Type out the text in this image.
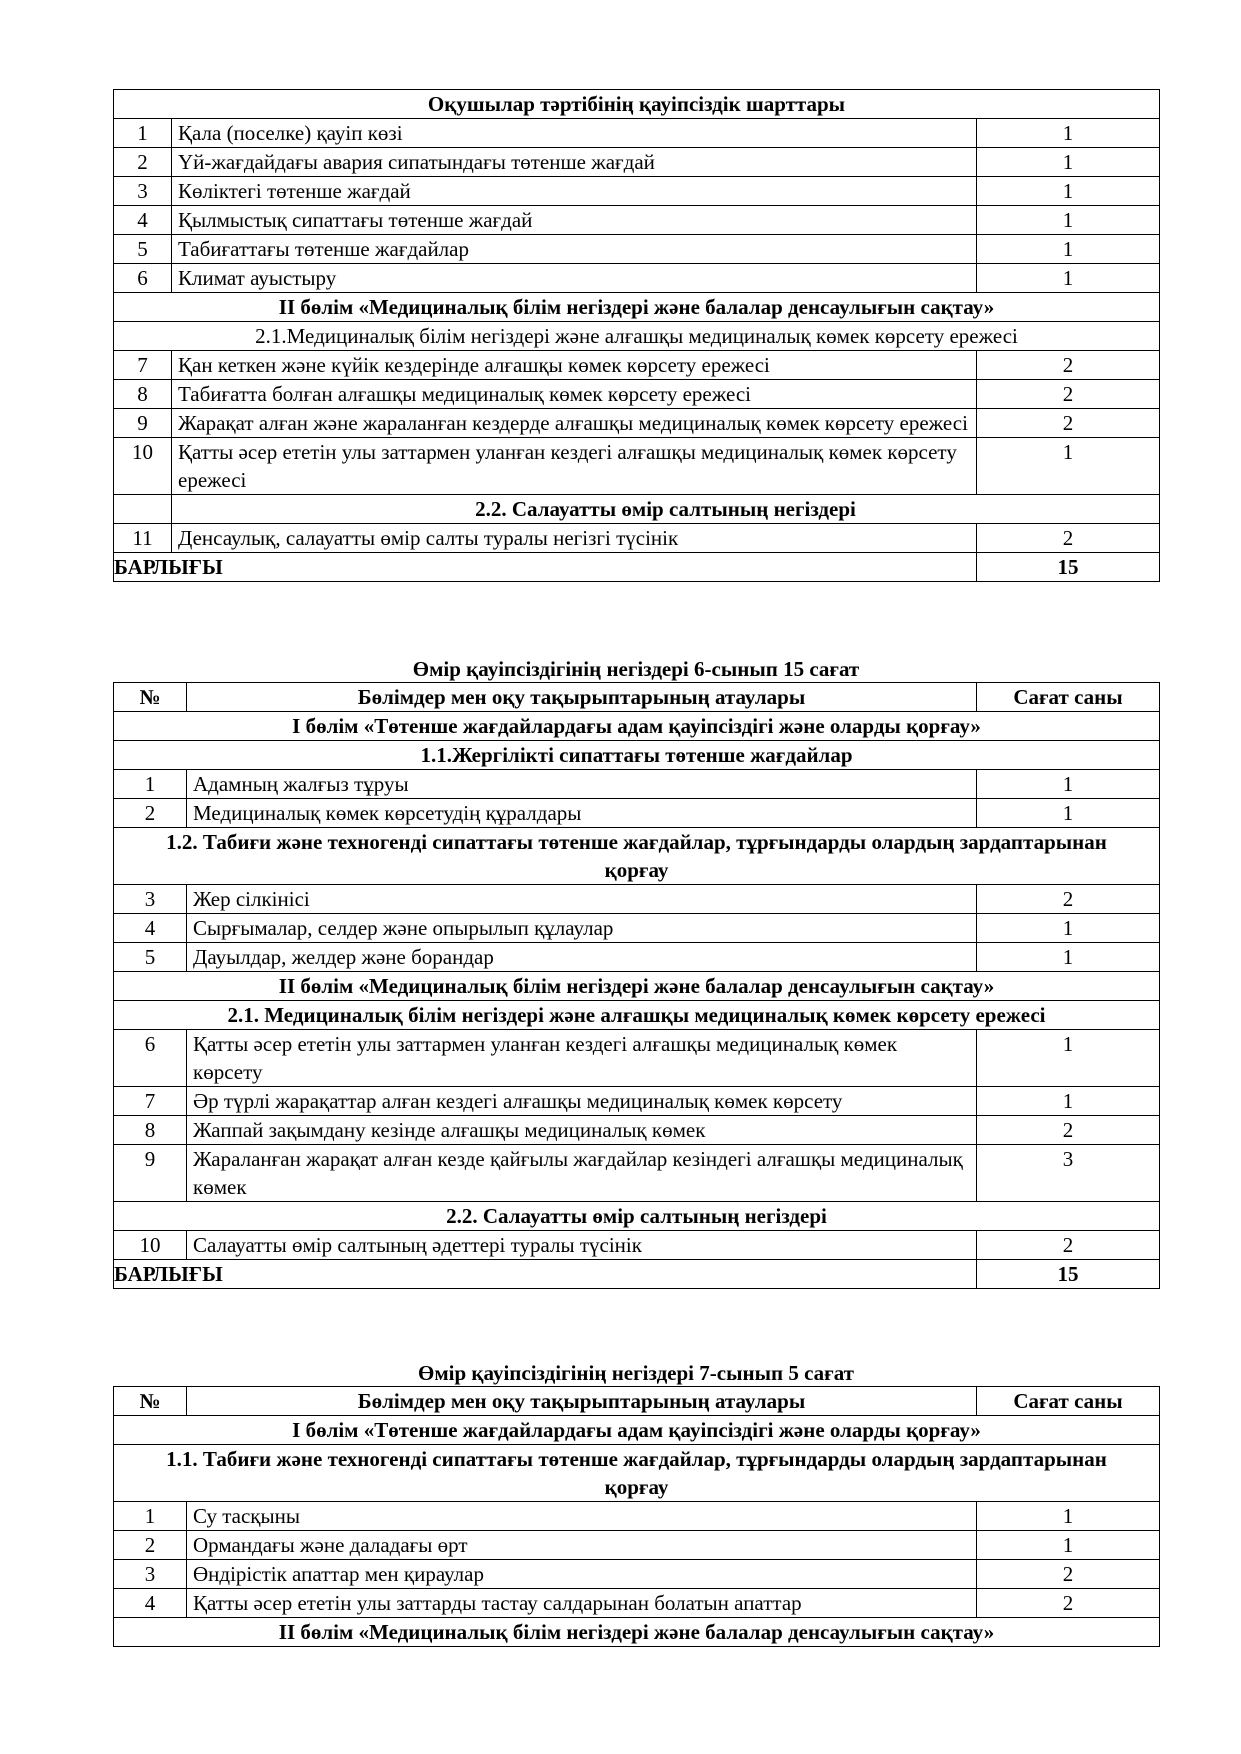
Оқушылар тәртібінің қауіпсіздік шарттары		
1	Қала (поселке) қауіп көзі	1
2	Үй-жағдайдағы авария сипатындағы төтенше жағдай	1
3	Көліктегі төтенше жағдай	1
4	Қылмыстық сипаттағы төтенше жағдай	1
5	Табиғаттағы төтенше жағдайлар	1
6	Климат ауыстыру	1
ІІ бөлім «Медициналық білім негіздері және балалар денсаулығын сақтау»		
2.1.Медициналық білім негіздері және алғашқы медициналық көмек көрсету ережесі		
7	Қан кеткен және күйік кездерінде алғашқы көмек көрсету ережесі	2
8	Табиғатта болған алғашқы медициналық көмек көрсету ережесі	2
9	Жарақат алған және жараланған кездерде алғашқы медициналық көмек көрсету ережесі	2
10	Қатты әсер ететін улы заттармен уланған кездегі алғашқы медициналық көмек көрсету ережесі	1
	2.2. Салауатты өмір салтының негіздері	
11	Денсаулық, салауатты өмір салты туралы негізгі түсінік	2
БАРЛЫҒЫ		15
Өмір қауіпсіздігінің негіздері 6-сынып 15 сағат
№	Бөлімдер мен оқу тақырыптарының атаулары	Сағат саны
І бөлім «Төтенше жағдайлардағы адам қауіпсіздігі және оларды қорғау»		
1.1.Жергілікті сипаттағы төтенше жағдайлар		
1	Адамның жалғыз тұруы	1
2	Медициналық көмек көрсетудің құралдары	1
1.2. Табиғи және техногенді сипаттағы төтенше жағдайлар, тұрғындарды олардың зардаптарынан қорғау		
3	Жер сілкінісі	2
4	Сырғымалар, селдер және опырылып құлаулар	1
5	Дауылдар, желдер және борандар	1
ІІ бөлім «Медициналық білім негіздері және балалар денсаулығын сақтау»		
2.1. Медициналық білім негіздері және алғашқы медициналық көмек көрсету ережесі		
6	Қатты әсер ететін улы заттармен уланған кездегі алғашқы медициналық көмек көрсету	1
7	Әр түрлі жарақаттар алған кездегі алғашқы медициналық көмек көрсету	1
8	Жаппай зақымдану кезінде алғашқы медициналық көмек	2
9	Жараланған жарақат алған кезде қайғылы жағдайлар кезіндегі алғашқы медициналық көмек	3
2.2. Салауатты өмір салтының негіздері		
10	Салауатты өмір салтының әдеттері туралы түсінік	2
БАРЛЫҒЫ		15
Өмір қауіпсіздігінің негіздері 7-сынып 5 сағат
№	Бөлімдер мен оқу тақырыптарының атаулары	Сағат саны
І бөлім «Төтенше жағдайлардағы адам қауіпсіздігі және оларды қорғау»		
1.1. Табиғи және техногенді сипаттағы төтенше жағдайлар, тұрғындарды олардың зардаптарынан қорғау		
1	Су тасқыны	1
2	Ормандағы және даладағы өрт	1
3	Өндірістік апаттар мен қираулар	2
4	Қатты әсер ететін улы заттарды тастау салдарынан болатын апаттар	2
ІІ бөлім «Медициналық білім негіздері және балалар денсаулығын сақтау»		
